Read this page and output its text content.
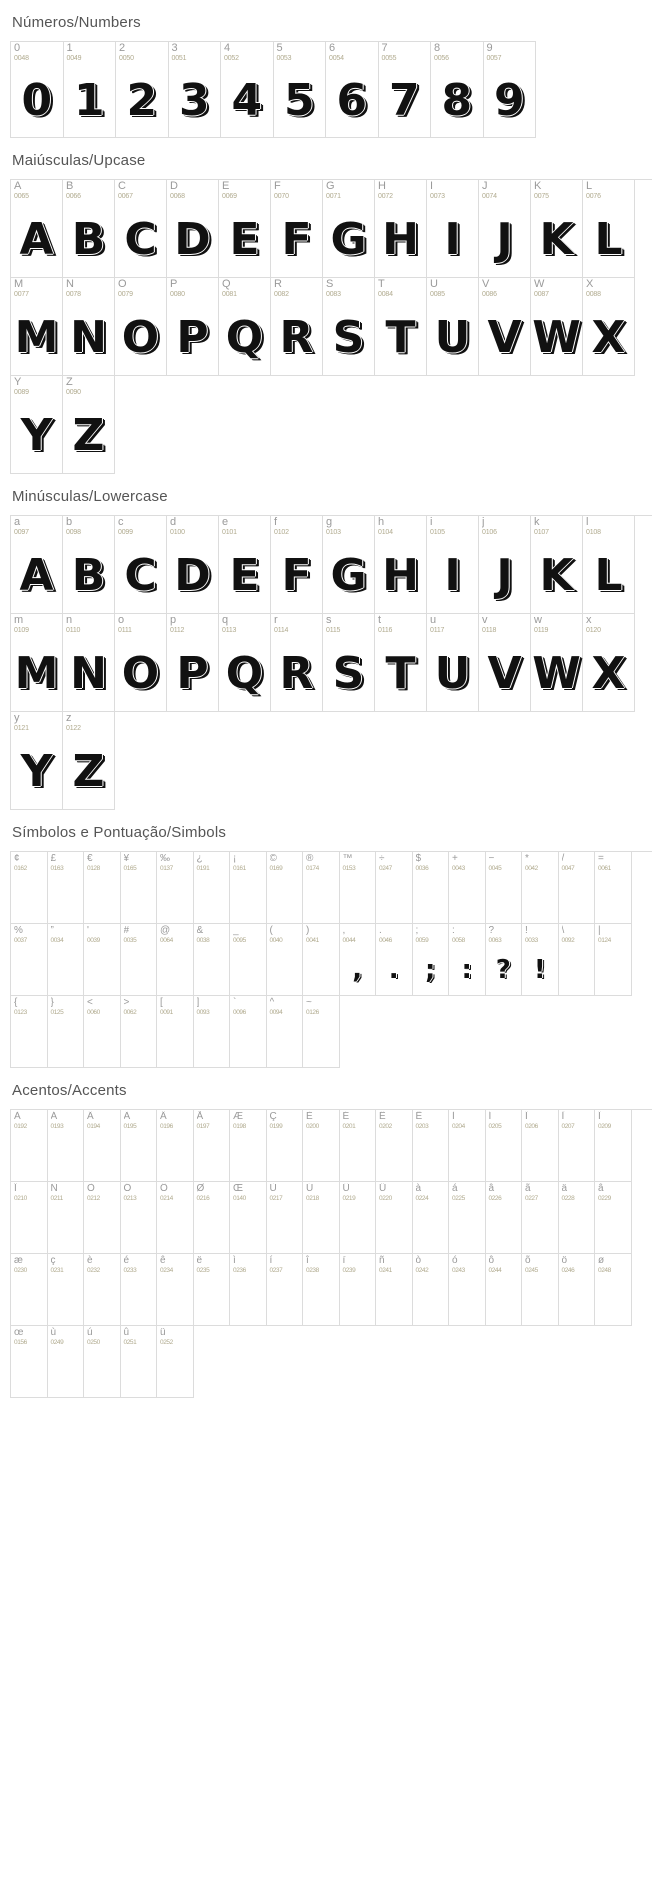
Números/Numbers
0
0048
0
1
0049
1
2
0050
2
3
0051
3
4
0052
4
5
0053
5
6
0054
6
7
0055
7
8
0056
8
9
0057
9
Maiúsculas/Upcase
A
0065
A
B
0066
B
C
0067
C
D
0068
D
E
0069
E
F
0070
F
G
0071
G
H
0072
H
I
0073
I
J
0074
J
K
0075
K
L
0076
L
M
0077
M
N
0078
N
O
0079
O
P
0080
P
Q
0081
Q
R
0082
R
S
0083
S
T
0084
T
U
0085
U
V
0086
V
W
0087
W
X
0088
X
Y
0089
Y
Z
0090
Z
Minúsculas/Lowercase
a
0097
A
b
0098
B
c
0099
C
d
0100
D
e
0101
E
f
0102
F
g
0103
G
h
0104
H
i
0105
I
j
0106
J
k
0107
K
l
0108
L
m
0109
M
n
0110
N
o
0111
O
p
0112
P
q
0113
Q
r
0114
R
s
0115
S
t
0116
T
u
0117
U
v
0118
V
w
0119
W
x
0120
X
y
0121
Y
z
0122
Z
Símbolos e Pontuação/Simbols
¢
0162
£
0163
€
0128
¥
0165
‰
0137
¿
0191
¡
0161
©
0169
®
0174
™
0153
÷
0247
$
0036
+
0043
−
0045
*
0042
/
0047
=
0061
%
0037
”
0034
'
0039
#
0035
@
0064
&
0038
_
0095
(
0040
)
0041
,
0044
,
.
0046
.
;
0059
;
:
0058
:
?
0063
?
!
0033
!
\
0092
|
0124
{
0123
}
0125
<
0060
>
0062
[
0091
]
0093
`
0096
^
0094
~
0126
Acentos/Accents
À
0192
Á
0193
Â
0194
Ã
0195
Ä
0196
Å
0197
Æ
0198
Ç
0199
È
0200
É
0201
Ê
0202
Ë
0203
Ì
0204
Í
0205
Î
0206
Ï
0207
Î
0209
Ï
0210
Ñ
0211
Ò
0212
Ó
0213
Ô
0214
Ø
0216
Œ
0140
Ù
0217
Ú
0218
Û
0219
Ü
0220
à
0224
á
0225
â
0226
ã
0227
ä
0228
â
0229
æ
0230
ç
0231
è
0232
é
0233
ê
0234
ë
0235
ì
0236
í
0237
î
0238
ï
0239
ñ
0241
ò
0242
ó
0243
ô
0244
õ
0245
ö
0246
ø
0248
œ
0156
ù
0249
ú
0250
û
0251
ü
0252
